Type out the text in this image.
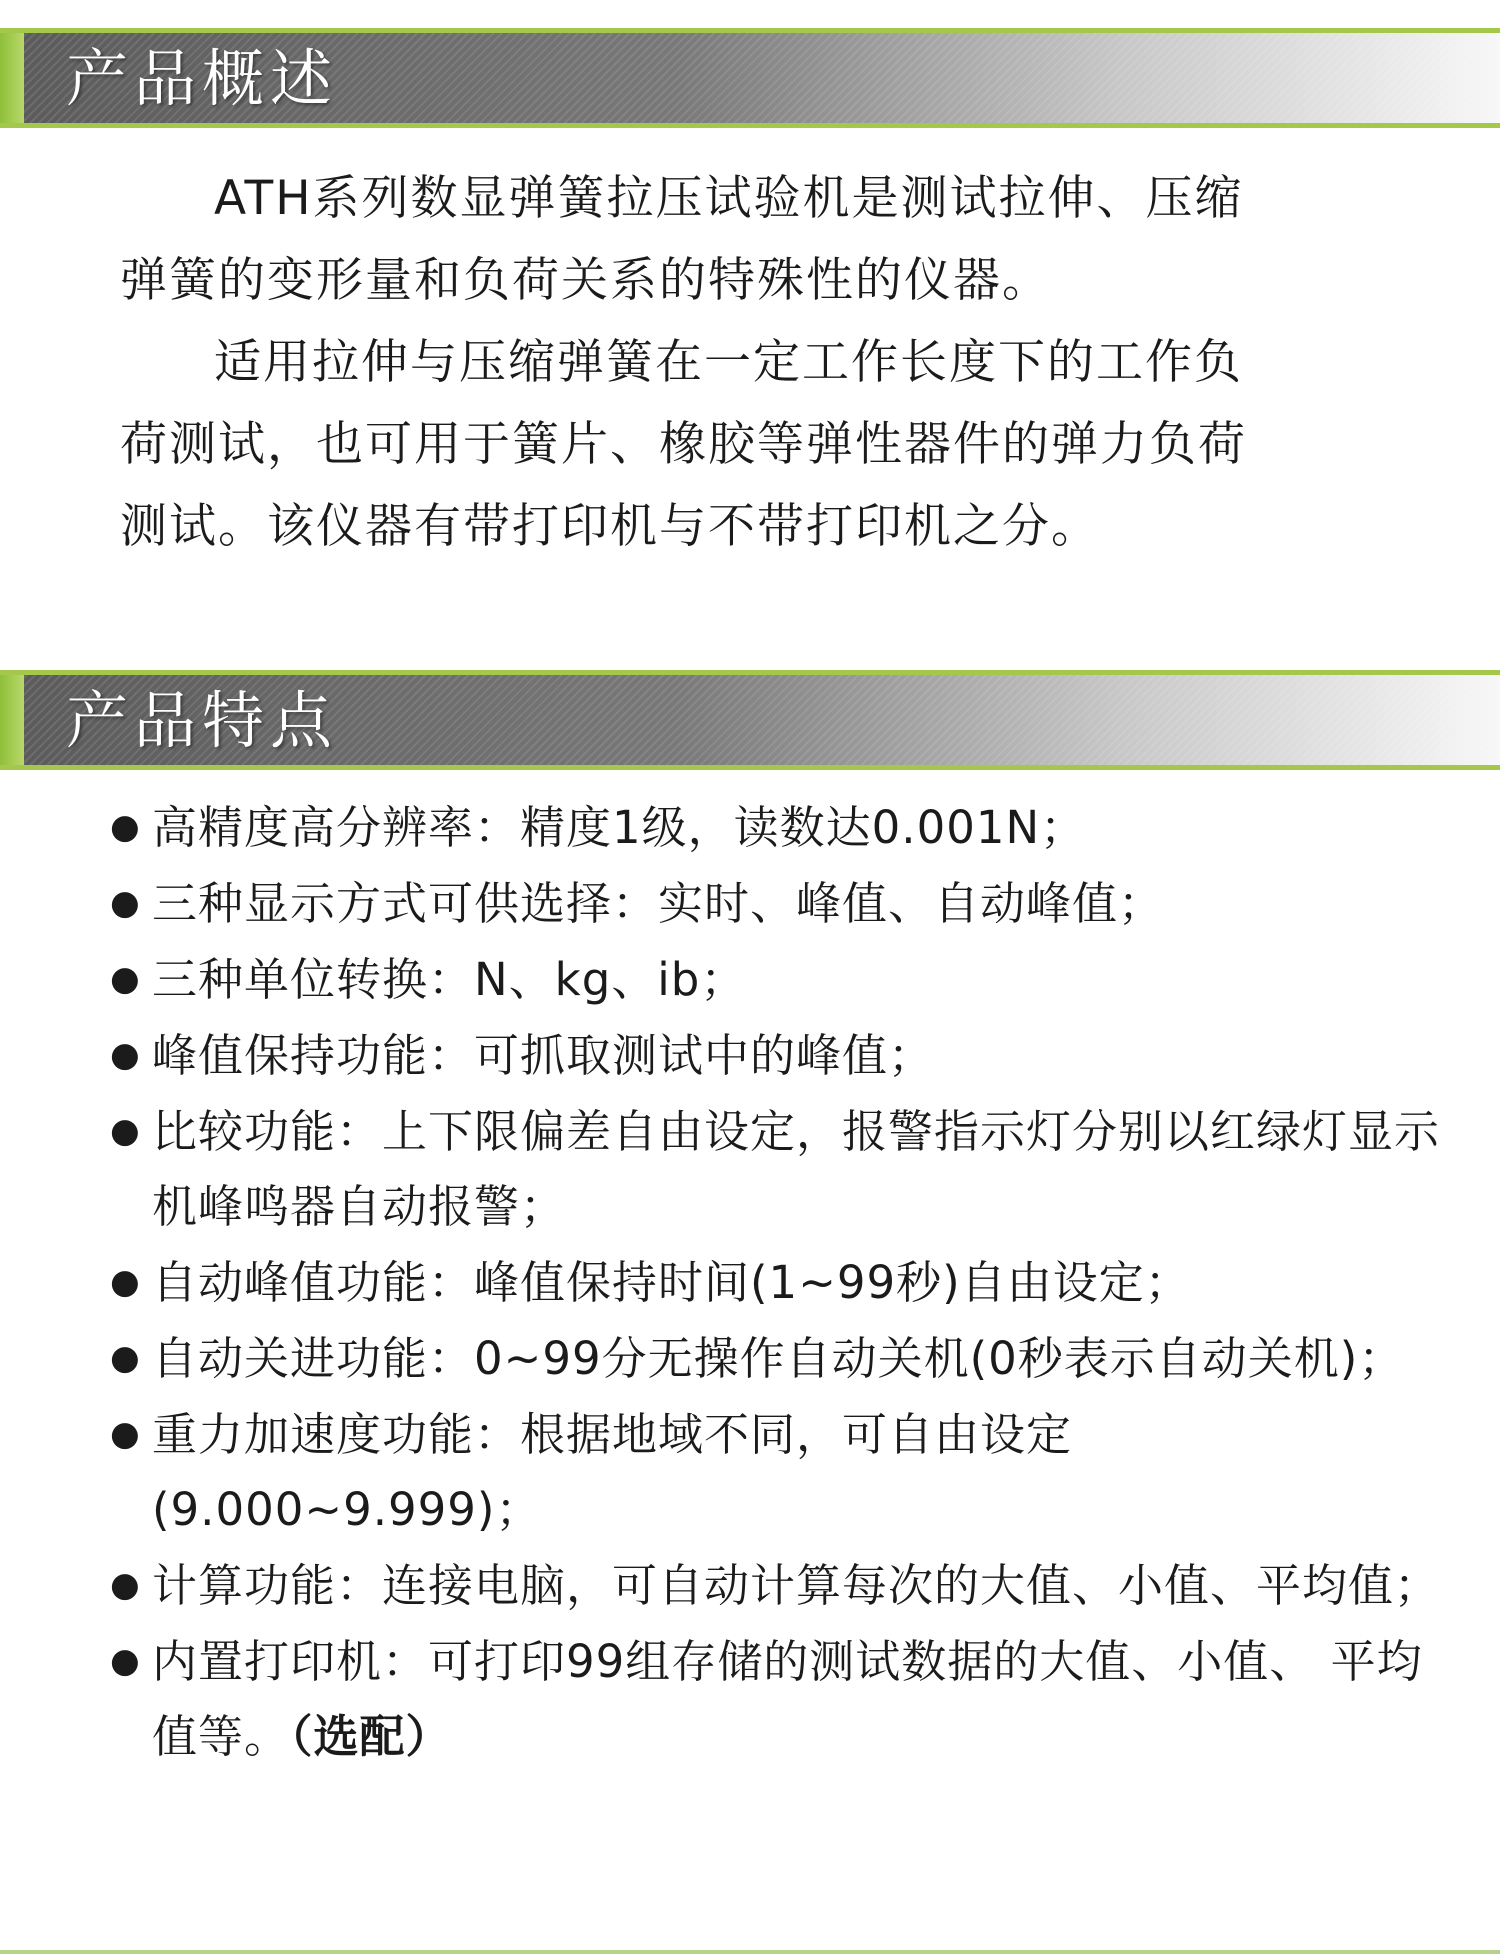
产品概述

ATH系列数显弹簧拉压试验机是测试拉伸、压缩弹簧的变形量和负荷关系的特殊性的仪器。

适用拉伸与压缩弹簧在一定工作长度下的工作负荷测试，也可用于簧片、橡胶等弹性器件的弹力负荷测试。该仪器有带打印机与不带打印机之分。

产品特点
● 高精度高分辨率：精度1级，读数达0.001N；
● 三种显示方式可供选择：实时、峰值、自动峰值；
● 三种单位转换：N、kg、ib；
● 峰值保持功能：可抓取测试中的峰值；
● 比较功能：上下限偏差自由设定，报警指示灯分别以红绿灯显示机峰鸣器自动报警；
● 自动峰值功能：峰值保持时间(1~99秒)自由设定；
● 自动关进功能：0~99分无操作自动关机(0秒表示自动关机)；
● 重力加速度功能：根据地域不同，可自由设定(9.000~9.999)；
● 计算功能：连接电脑，可自动计算每次的大值、小值、平均值；
● 内置打印机：可打印99组存储的测试数据的大值、小值、 平均值等。（选配）
